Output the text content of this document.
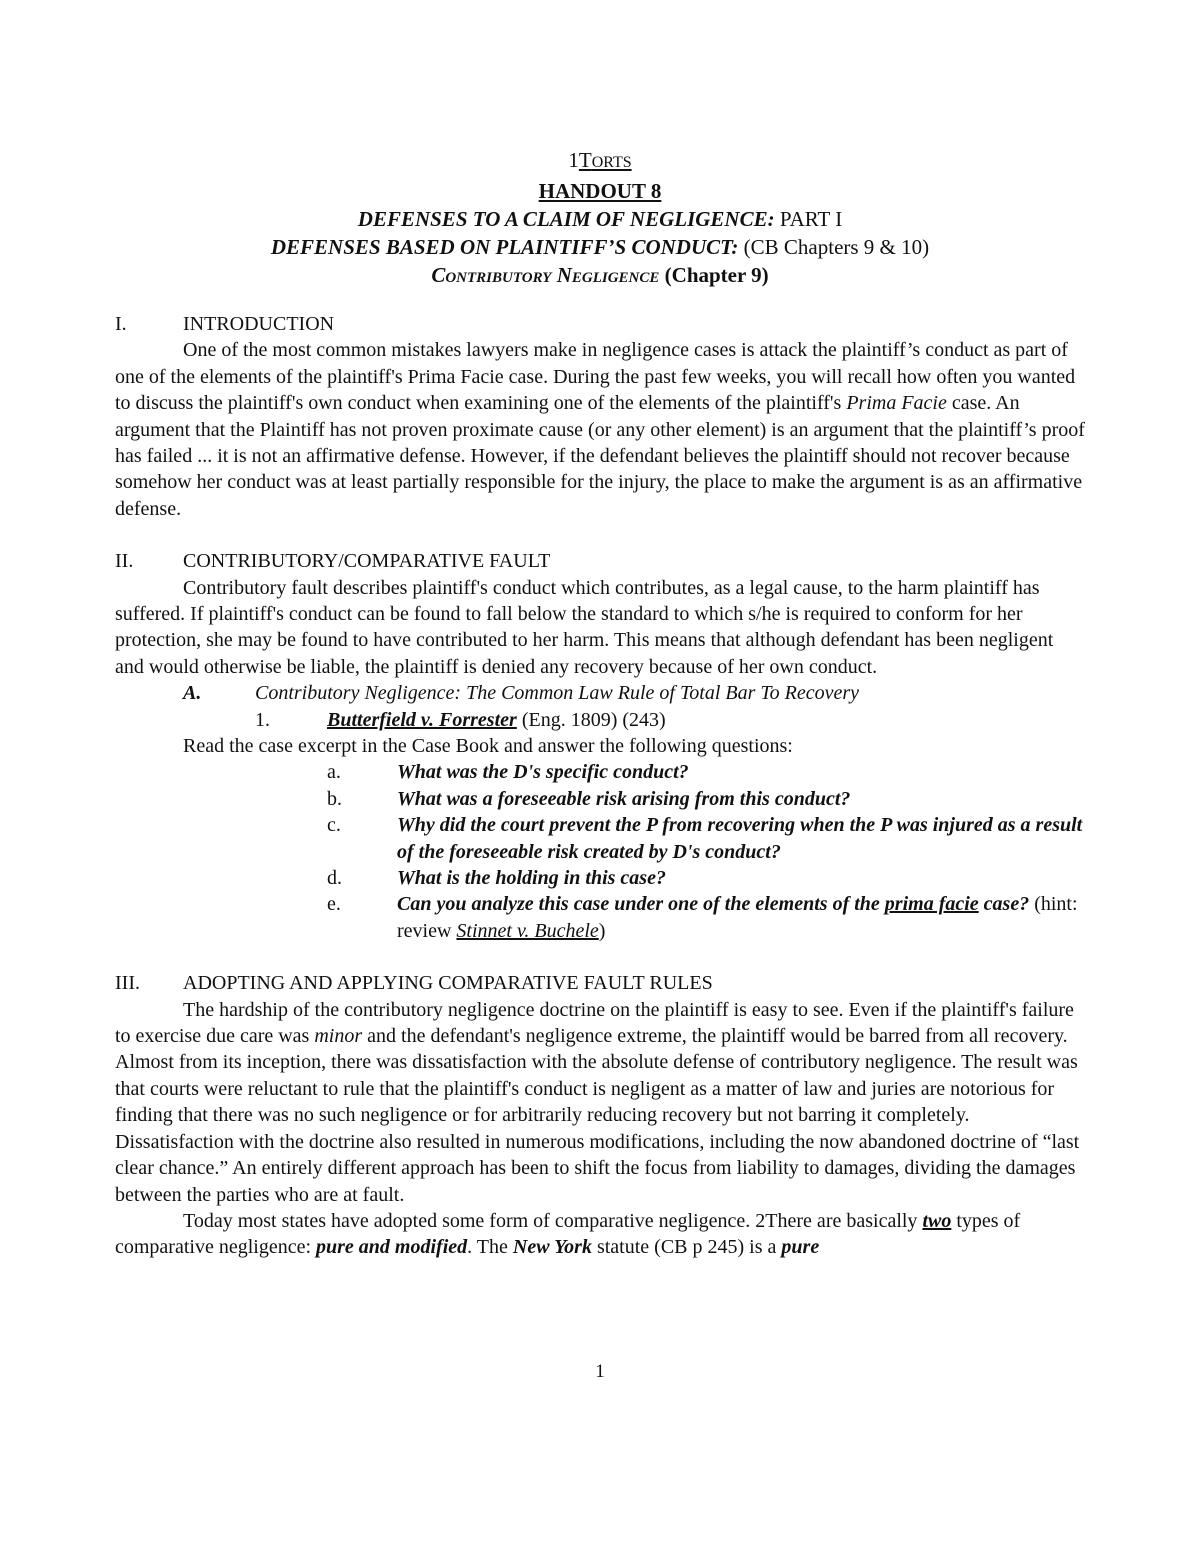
1TORTS
HANDOUT 8
DEFENSES TO A CLAIM OF NEGLIGENCE: PART I
DEFENSES BASED ON PLAINTIFF’S CONDUCT: (CB Chapters 9 & 10)
Contributory Negligence (Chapter 9)
I.	INTRODUCTION

One of the most common mistakes lawyers make in negligence cases is attack the plaintiff’s conduct as part of one of the elements of the plaintiff's Prima Facie case. During the past few weeks, you will recall how often you wanted to discuss the plaintiff's own conduct when examining one of the elements of the plaintiff's Prima Facie case. An argument that the Plaintiff has not proven proximate cause (or any other element) is an argument that the plaintiff’s proof has failed ... it is not an affirmative defense. However, if the defendant believes the plaintiff should not recover because somehow her conduct was at least partially responsible for the injury, the place to make the argument is as an affirmative defense.

II. CONTRIBUTORY/COMPARATIVE FAULT

Contributory fault describes plaintiff's conduct which contributes, as a legal cause, to the harm plaintiff has suffered. If plaintiff's conduct can be found to fall below the standard to which s/he is required to conform for her protection, she may be found to have contributed to her harm. This means that although defendant has been negligent and would otherwise be liable, the plaintiff is denied any recovery because of her own conduct.

A.	Contributory Negligence: The Common Law Rule of Total Bar To Recovery
1.	Butterfield v. Forrester (Eng. 1809) (243)
Read the case excerpt in the Case Book and answer the following questions:
a.	What was the D's specific conduct?
b.	What was a foreseeable risk arising from this conduct?
c.	Why did the court prevent the P from recovering when the P was injured as a result of the foreseeable risk created by D's conduct?
d.	What is the holding in this case?
e.	Can you analyze this case under one of the elements of the prima facie case? (hint: review Stinnet v. Buchele)
III. ADOPTING AND APPLYING COMPARATIVE FAULT RULES

The hardship of the contributory negligence doctrine on the plaintiff is easy to see. Even if the plaintiff's failure to exercise due care was minor and the defendant's negligence extreme, the plaintiff would be barred from all recovery. Almost from its inception, there was dissatisfaction with the absolute defense of contributory negligence. The result was that courts were reluctant to rule that the plaintiff's conduct is negligent as a matter of law and juries are notorious for finding that there was no such negligence or for arbitrarily reducing recovery but not barring it completely. Dissatisfaction with the doctrine also resulted in numerous modifications, including the now abandoned doctrine of “last clear chance.” An entirely different approach has been to shift the focus from liability to damages, dividing the damages between the parties who are at fault.

Today most states have adopted some form of comparative negligence. 2There are basically two types of comparative negligence: pure and modified. The New York statute (CB p 245) is a pure

1
